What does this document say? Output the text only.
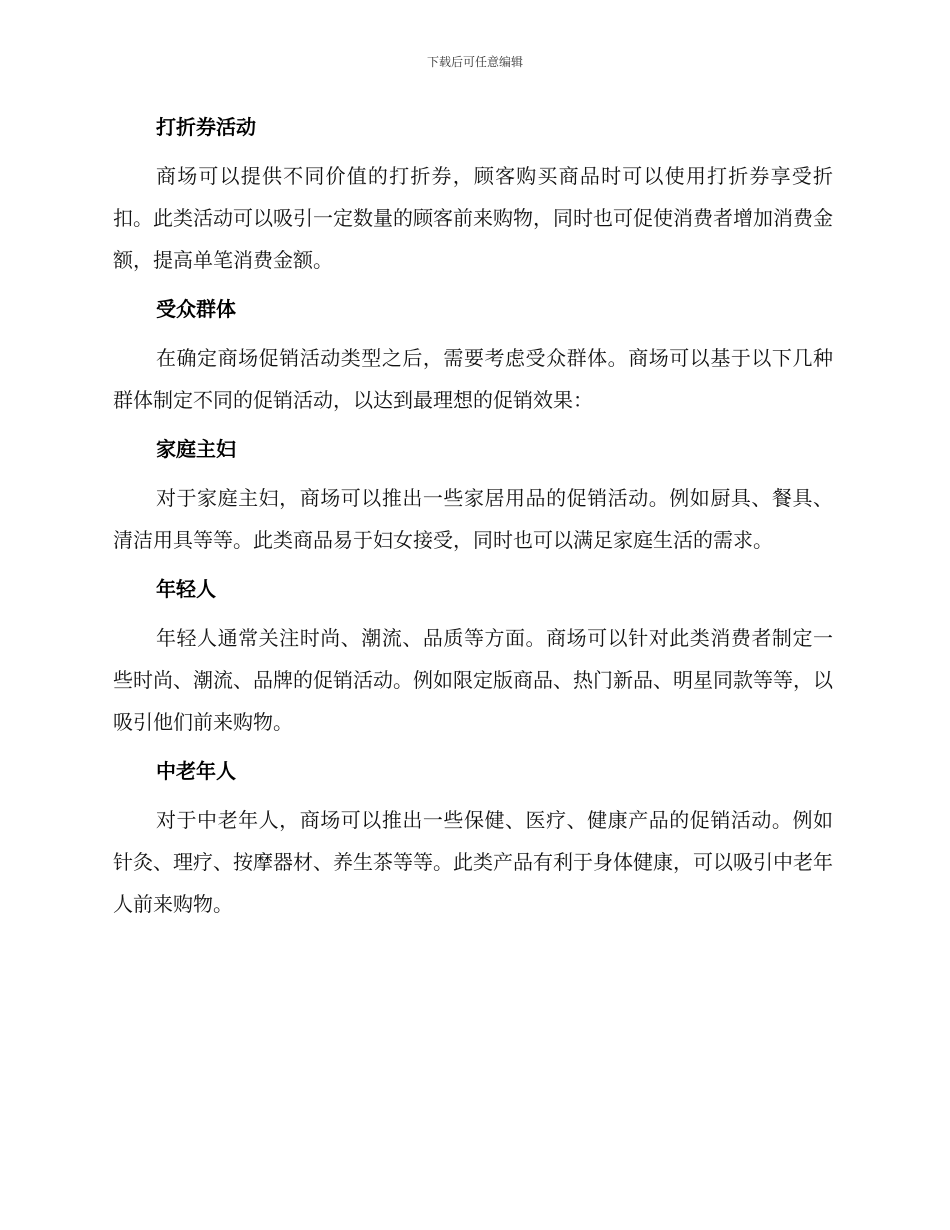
下载后可任意编辑
打折券活动

商场可以提供不同价值的打折券，顾客购买商品时可以使用打折券享受折扣。此类活动可以吸引一定数量的顾客前来购物，同时也可促使消费者增加消费金额，提高单笔消费金额。

受众群体

在确定商场促销活动类型之后，需要考虑受众群体。商场可以基于以下几种群体制定不同的促销活动，以达到最理想的促销效果：

家庭主妇

对于家庭主妇，商场可以推出一些家居用品的促销活动。例如厨具、餐具、清洁用具等等。此类商品易于妇女接受，同时也可以满足家庭生活的需求。

年轻人

年轻人通常关注时尚、潮流、品质等方面。商场可以针对此类消费者制定一些时尚、潮流、品牌的促销活动。例如限定版商品、热门新品、明星同款等等，以吸引他们前来购物。

中老年人

对于中老年人，商场可以推出一些保健、医疗、健康产品的促销活动。例如针灸、理疗、按摩器材、养生茶等等。此类产品有利于身体健康，可以吸引中老年人前来购物。
